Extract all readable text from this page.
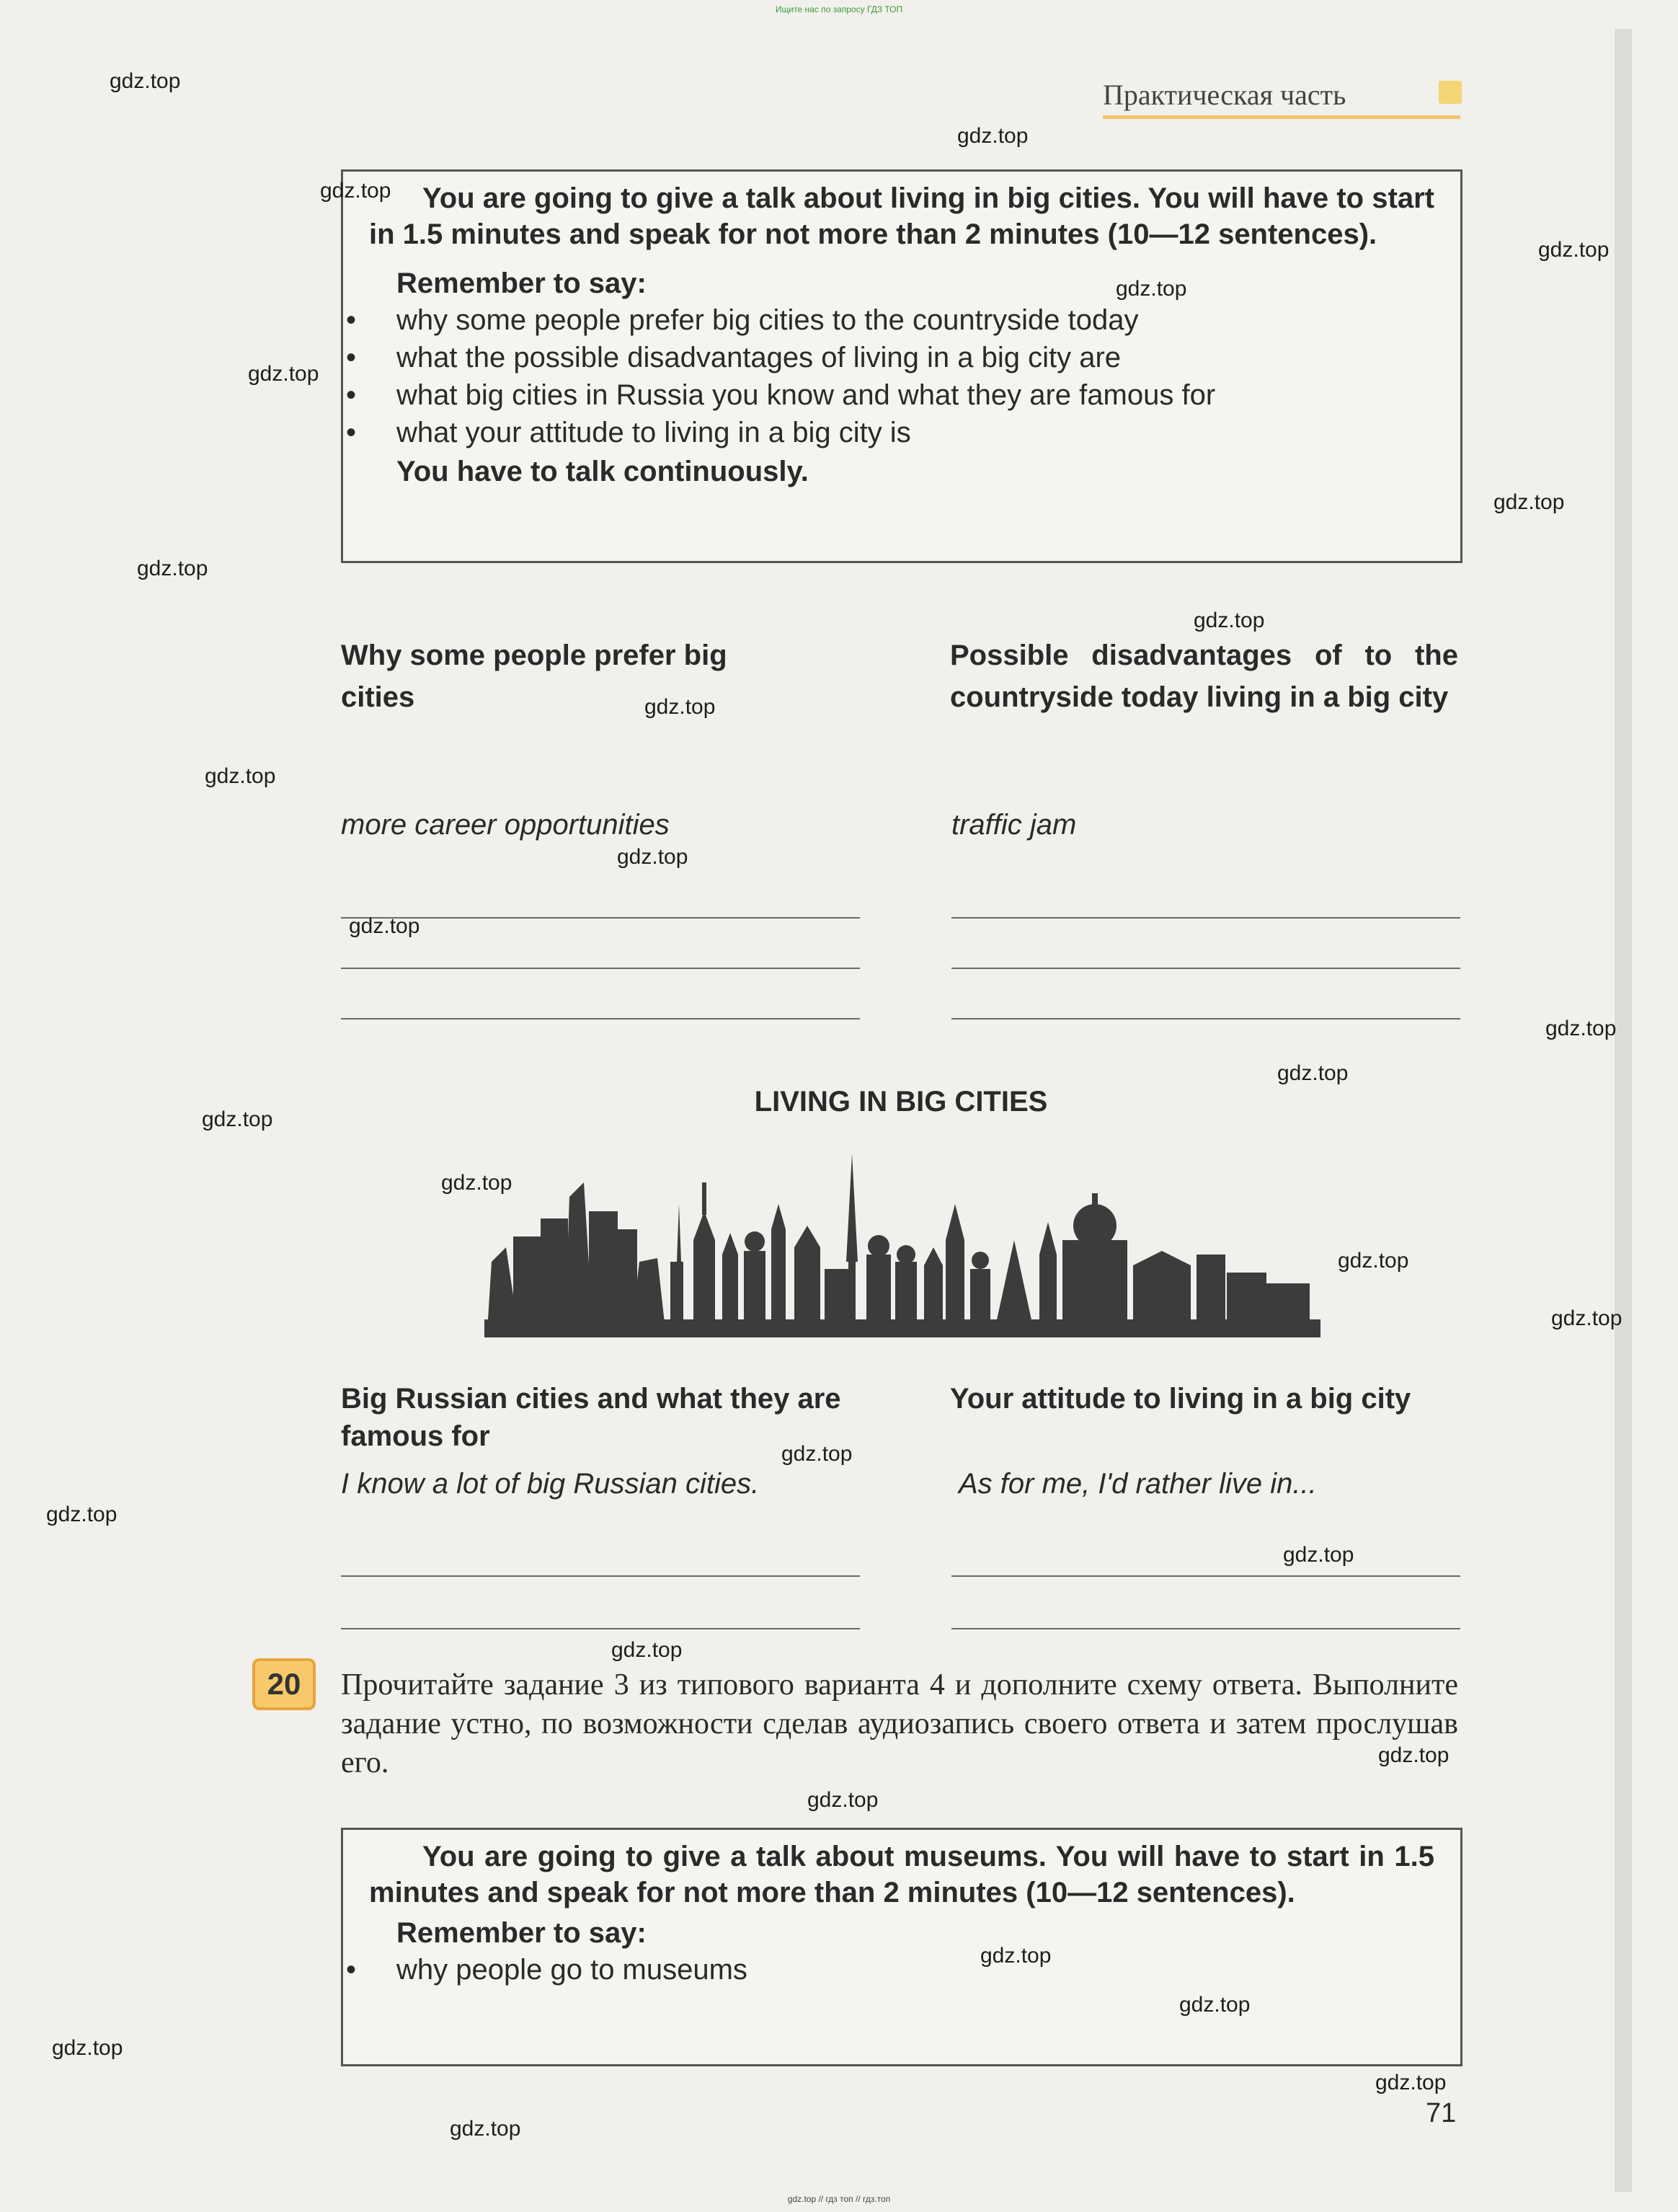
Ищите нас по запросу ГДЗ ТОП
Практическая часть
You are going to give a talk about living in big cities. You will have to start in 1.5 minutes and speak for not more than 2 minutes (10—12 sentences).
Remember to say:
• why some people prefer big cities to the countryside today
• what the possible disadvantages of living in a big city are
• what big cities in Russia you know and what they are famous for
• what your attitude to living in a big city is
You have to talk continuously.
Why some people prefer big cities
Possible disadvantages of to the countryside today living in a big city
more career opportunities	traffic jam
LIVING IN BIG CITIES
Big Russian cities and what they are famous for
Your attitude to living in a big city
I know a lot of big Russian cities.	As for me, I'd rather live in...
20	Прочитайте задание 3 из типового варианта 4 и дополните схему ответа. Выполните задание устно, по возможности сделав аудиозапись своего ответа и затем прослушав его.
You are going to give a talk about museums. You will have to start in 1.5 minutes and speak for not more than 2 minutes (10—12 sentences).
Remember to say:
• why people go to museums
71
gdz.top // гдз топ // гдз.топ
gdz.top
gdz.top
gdz.top
gdz.top
gdz.top
gdz.top
gdz.top
gdz.top
gdz.top
gdz.top
gdz.top
gdz.top
gdz.top
gdz.top
gdz.top
gdz.top
gdz.top
gdz.top
gdz.top
gdz.top
gdz.top
gdz.top
gdz.top
gdz.top
gdz.top
gdz.top
gdz.top
gdz.top
gdz.top
gdz.top
